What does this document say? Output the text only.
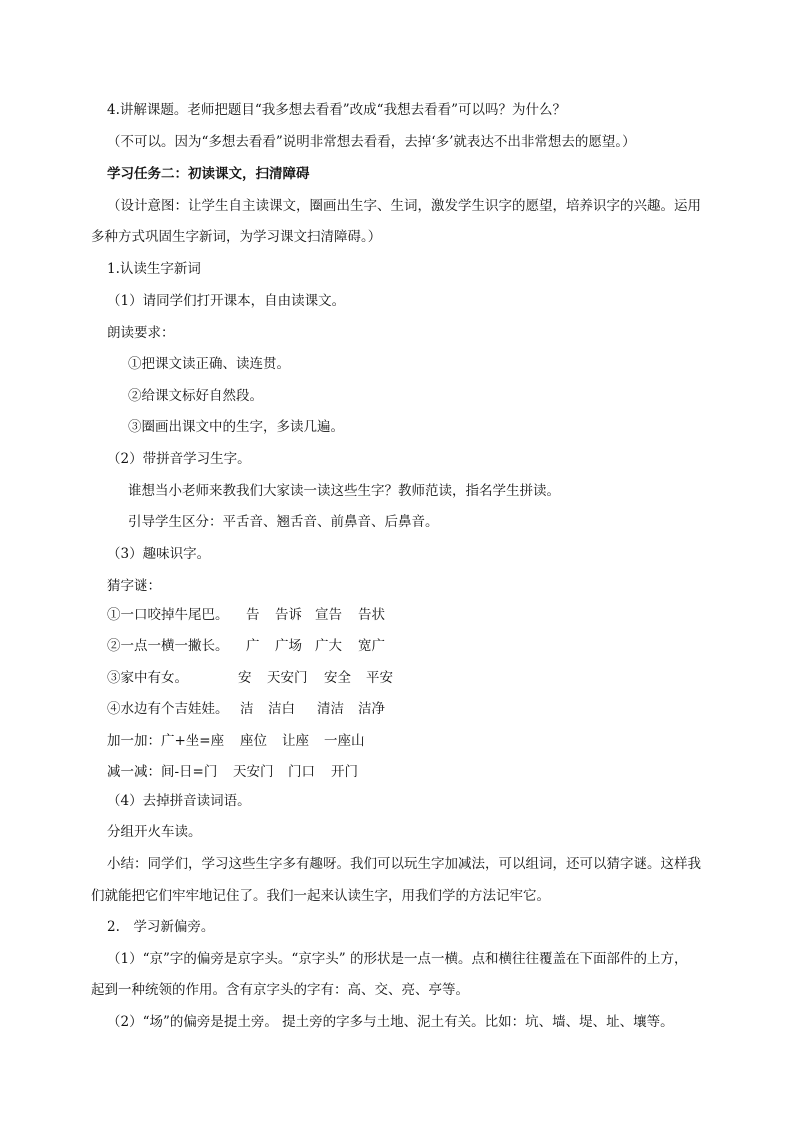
4.讲解课题。老师把题目“我多想去看看”改成“我想去看看”可以吗？为什么？
（不可以。因为“多想去看看”说明非常想去看看，去掉‘多’就表达不出非常想去的愿望。）
学习任务二：初读课文，扫清障碍
（设计意图：让学生自主读课文，圈画出生字、生词，激发学生识字的愿望，培养识字的兴趣。运用
多种方式巩固生字新词，为学习课文扫清障碍。）
1.认读生字新词
（1）请同学们打开课本，自由读课文。
朗读要求：
①把课文读正确、读连贯。
②给课文标好自然段。
③圈画出课文中的生字，多读几遍。
（2）带拼音学习生字。
谁想当小老师来教我们大家读一读这些生字？教师范读，指名学生拼读。
引导学生区分：平舌音、翘舌音、前鼻音、后鼻音。
（3）趣味识字。
猜字谜：
①一口咬掉牛尾巴。 告 告诉 宣告 告状
②一点一横一撇长。 广 广场 广大 宽广
③家中有女。	安 天安门 安全 平安
④水边有个吉娃娃。 洁 洁白 清洁 洁净
加一加：广+坐=座 座位 让座 一座山
减一减：间-日=门 天安门 门口 开门
（4）去掉拼音读词语。
分组开火车读。
小结：同学们，学习这些生字多有趣呀。我们可以玩生字加减法，可以组词，还可以猜字谜。这样我
们就能把它们牢牢地记住了。我们一起来认读生字，用我们学的方法记牢它。
2.　学习新偏旁。
（1）“京”字的偏旁是京字头。“京字头” 的形状是一点一横。点和横往往覆盖在下面部件的上方，
起到一种统领的作用。含有京字头的字有：高、交、亮、亭等。
（2）“场”的偏旁是提土旁。 提土旁的字多与土地、泥土有关。比如：坑、墙、堤、址、壤等。
